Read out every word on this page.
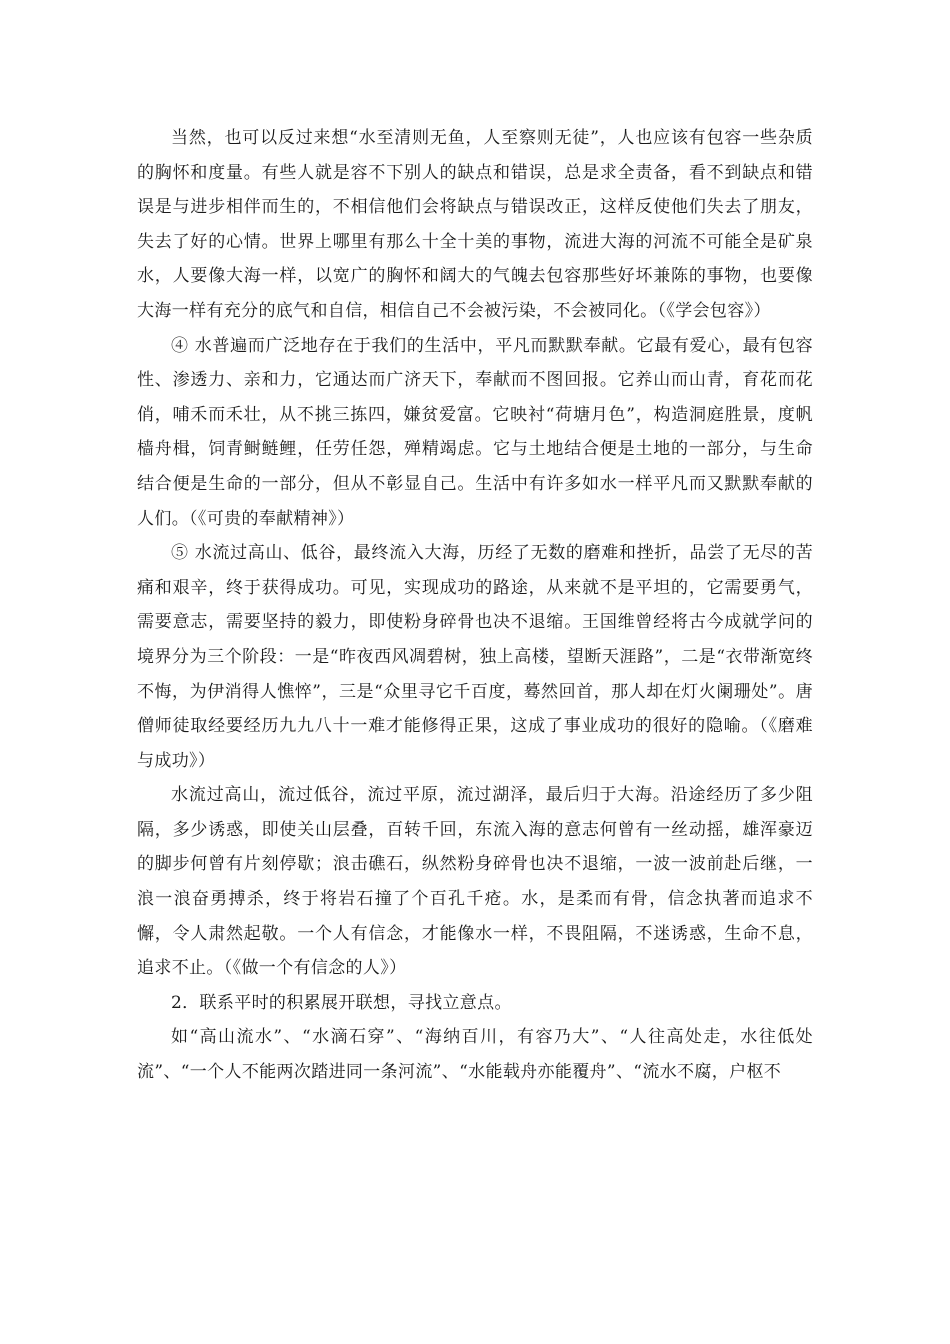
当然，也可以反过来想“水至清则无鱼，人至察则无徒”，人也应该有包容一些杂质的胸怀和度量。有些人就是容不下别人的缺点和错误，总是求全责备，看不到缺点和错误是与进步相伴而生的，不相信他们会将缺点与错误改正，这样反使他们失去了朋友，失去了好的心情。世界上哪里有那么十全十美的事物，流进大海的河流不可能全是矿泉水，人要像大海一样，以宽广的胸怀和阔大的气魄去包容那些好坏兼陈的事物，也要像大海一样有充分的底气和自信，相信自己不会被污染，不会被同化。（《学会包容》）

④ 水普遍而广泛地存在于我们的生活中，平凡而默默奉献。它最有爱心，最有包容性、渗透力、亲和力，它通达而广济天下，奉献而不图回报。它养山而山青，育花而花俏，哺禾而禾壮，从不挑三拣四，嫌贫爱富。它映衬“荷塘月色”，构造洞庭胜景，度帆樯舟楫，饲青鲥鲢鲤，任劳任怨，殚精竭虑。它与土地结合便是土地的一部分，与生命结合便是生命的一部分，但从不彰显自己。生活中有许多如水一样平凡而又默默奉献的人们。（《可贵的奉献精神》）

⑤ 水流过高山、低谷，最终流入大海，历经了无数的磨难和挫折，品尝了无尽的苦痛和艰辛，终于获得成功。可见，实现成功的路途，从来就不是平坦的，它需要勇气，需要意志，需要坚持的毅力，即使粉身碎骨也决不退缩。王国维曾经将古今成就学问的境界分为三个阶段：一是“昨夜西风凋碧树，独上高楼，望断天涯路”，二是“衣带渐宽终不悔，为伊消得人憔悴”，三是“众里寻它千百度，蓦然回首，那人却在灯火阑珊处”。唐僧师徒取经要经历九九八十一难才能修得正果，这成了事业成功的很好的隐喻。（《磨难与成功》）

水流过高山，流过低谷，流过平原，流过湖泽，最后归于大海。沿途经历了多少阻隔，多少诱惑，即使关山层叠，百转千回，东流入海的意志何曾有一丝动摇，雄浑豪迈的脚步何曾有片刻停歇；浪击礁石，纵然粉身碎骨也决不退缩，一波一波前赴后继，一浪一浪奋勇搏杀，终于将岩石撞了个百孔千疮。水，是柔而有骨，信念执著而追求不懈，令人肃然起敬。一个人有信念，才能像水一样，不畏阻隔，不迷诱惑，生命不息，追求不止。（《做一个有信念的人》）

2．联系平时的积累展开联想，寻找立意点。

如“高山流水”、“水滴石穿”、“海纳百川，有容乃大”、“人往高处走，水往低处流”、“一个人不能两次踏进同一条河流”、“水能载舟亦能覆舟”、“流水不腐，户枢不
